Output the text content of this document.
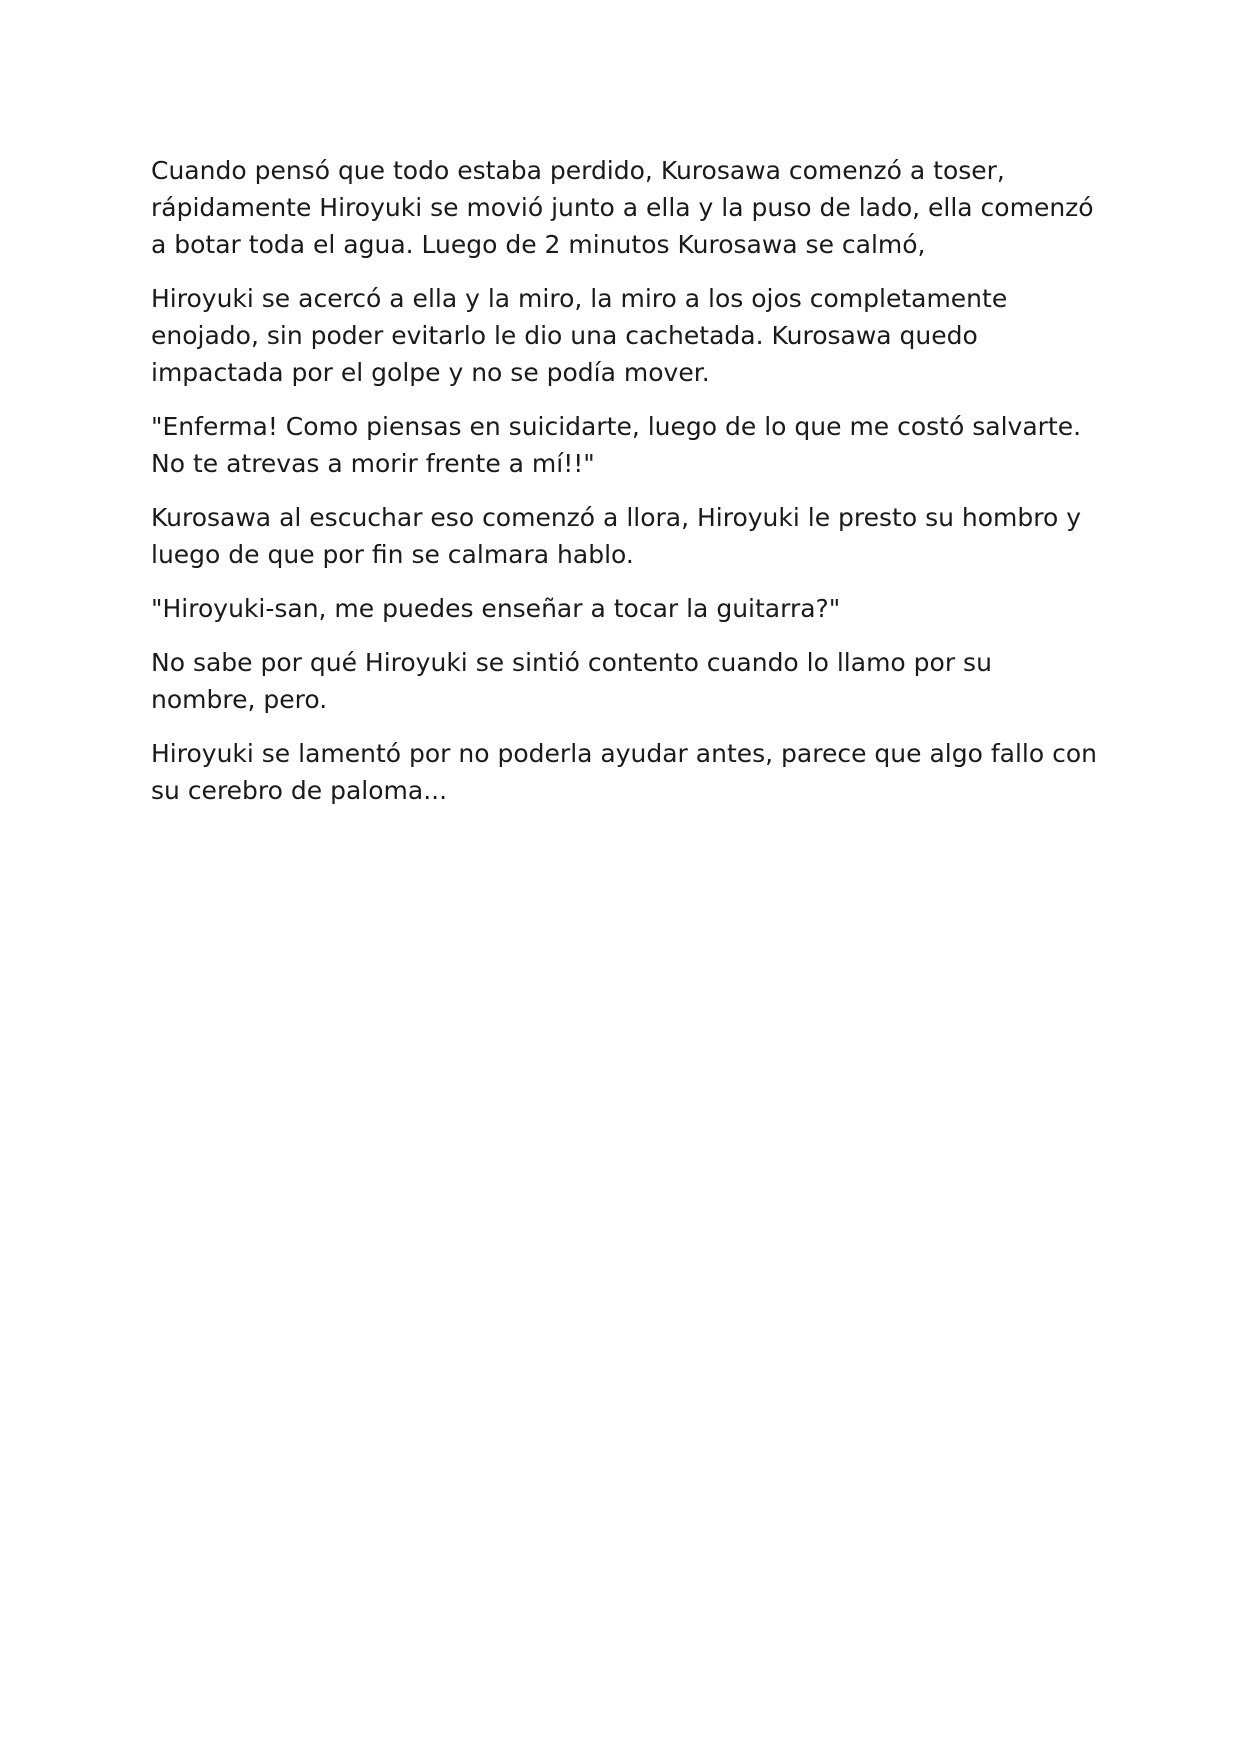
Cuando pensó que todo estaba perdido, Kurosawa comenzó a toser, rápidamente Hiroyuki se movió junto a ella y la puso de lado, ella comenzó a botar toda el agua. Luego de 2 minutos Kurosawa se calmó,

Hiroyuki se acercó a ella y la miro, la miro a los ojos completamente enojado, sin poder evitarlo le dio una cachetada. Kurosawa quedo impactada por el golpe y no se podía mover.

"Enferma! Como piensas en suicidarte, luego de lo que me costó salvarte. No te atrevas a morir frente a mí!!"

Kurosawa al escuchar eso comenzó a llora, Hiroyuki le presto su hombro y luego de que por fin se calmara hablo.

"Hiroyuki-san, me puedes enseñar a tocar la guitarra?"

No sabe por qué Hiroyuki se sintió contento cuando lo llamo por su nombre, pero.

Hiroyuki se lamentó por no poderla ayudar antes, parece que algo fallo con su cerebro de paloma...
